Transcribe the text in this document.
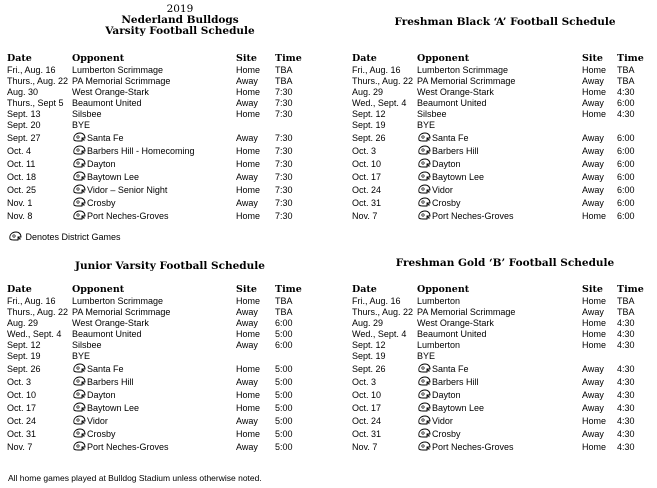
2019
Nederland Bulldogs
Varsity Football Schedule
Date	Opponent	Site	Time
Fri., Aug. 16	Lumberton Scrimmage	Home	TBA
Thurs., Aug. 22	PA Memorial Scrimmage	Away	TBA
Aug. 30	West Orange-Stark	Home	7:30
Thurs., Sept 5	Beaumont United	Away	7:30
Sept. 13	Silsbee	Home	7:30
Sept. 20	BYE		
Sept. 27	Santa Fe	Away	7:30
Oct. 4	Barbers Hill - Homecoming	Home	7:30
Oct. 11	Dayton	Home	7:30
Oct. 18	Baytown Lee	Away	7:30
Oct. 25	Vidor – Senior Night	Home	7:30
Nov. 1	Crosby	Away	7:30
Nov. 8	Port Neches-Groves	Home	7:30
Denotes District Games
Freshman Black ‘A’ Football Schedule
Date	Opponent	Site	Time
Fri., Aug. 16	Lumberton Scrimmage	Home	TBA
Thurs., Aug. 22	PA Memorial Scrimmage	Away	TBA
Aug. 29	West Orange-Stark	Home	4:30
Wed., Sept. 4	Beaumont United	Away	6:00
Sept. 12	Silsbee	Home	4:30
Sept. 19	BYE		
Sept. 26	Santa Fe	Away	6:00
Oct. 3	Barbers Hill	Away	6:00
Oct. 10	Dayton	Away	6:00
Oct. 17	Baytown Lee	Away	6:00
Oct. 24	Vidor	Away	6:00
Oct. 31	Crosby	Away	6:00
Nov. 7	Port Neches-Groves	Home	6:00
Junior Varsity Football Schedule
Date	Opponent	Site	Time
Fri., Aug. 16	Lumberton Scrimmage	Home	TBA
Thurs., Aug. 22	PA Memorial Scrimmage	Away	TBA
Aug. 29	West Orange-Stark	Away	6:00
Wed., Sept. 4	Beaumont United	Home	5:00
Sept. 12	Silsbee	Away	6:00
Sept. 19	BYE		
Sept. 26	Santa Fe	Home	5:00
Oct. 3	Barbers Hill	Away	5:00
Oct. 10	Dayton	Home	5:00
Oct. 17	Baytown Lee	Home	5:00
Oct. 24	Vidor	Away	5:00
Oct. 31	Crosby	Home	5:00
Nov. 7	Port Neches-Groves	Away	5:00
Freshman Gold ‘B’ Football Schedule
Date	Opponent	Site	Time
Fri., Aug. 16	Lumberton	Home	TBA
Thurs., Aug. 22	PA Memorial Scrimmage	Away	TBA
Aug. 29	West Orange-Stark	Home	4:30
Wed., Sept. 4	Beaumont United	Home	4:30
Sept. 12	Lumberton	Home	4:30
Sept. 19	BYE		
Sept. 26	Santa Fe	Away	4:30
Oct. 3	Barbers Hill	Away	4:30
Oct. 10	Dayton	Away	4:30
Oct. 17	Baytown Lee	Away	4:30
Oct. 24	Vidor	Home	4:30
Oct. 31	Crosby	Away	4:30
Nov. 7	Port Neches-Groves	Home	4:30
All home games played at Bulldog Stadium unless otherwise noted.
